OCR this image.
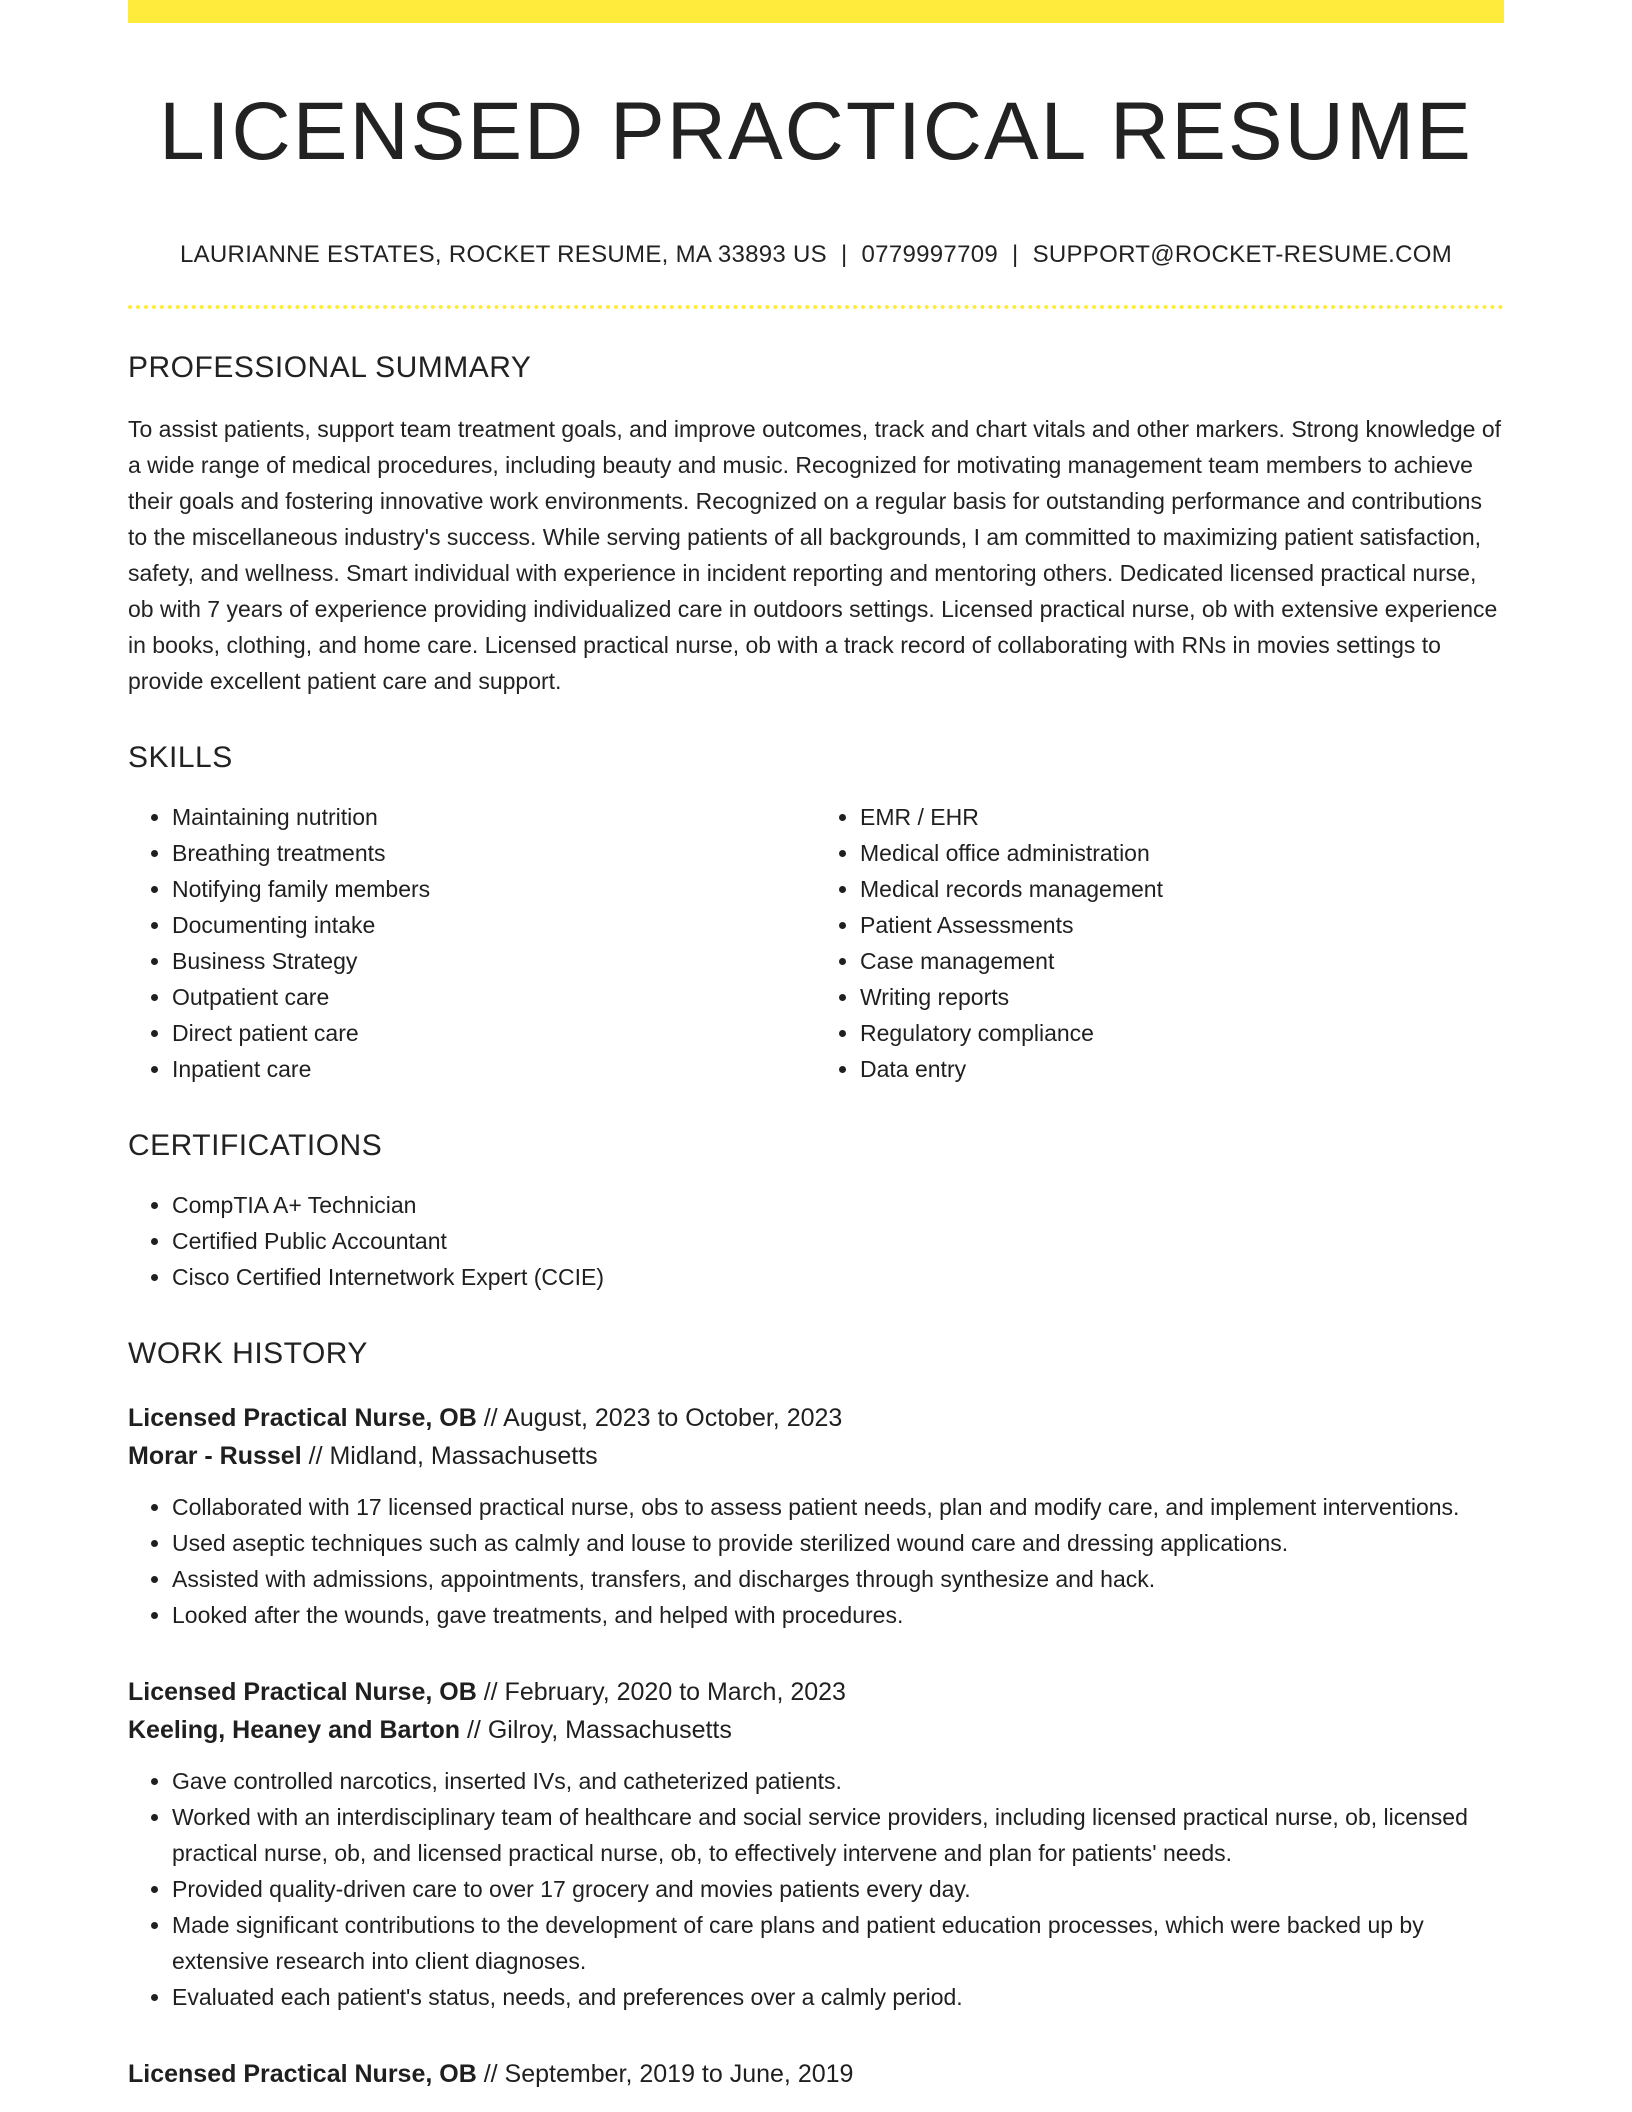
LICENSED PRACTICAL RESUME
LAURIANNE ESTATES, ROCKET RESUME, MA 33893 US | 0779997709 | SUPPORT@ROCKET-RESUME.COM
PROFESSIONAL SUMMARY

To assist patients, support team treatment goals, and improve outcomes, track and chart vitals and other markers. Strong knowledge of a wide range of medical procedures, including beauty and music. Recognized for motivating management team members to achieve their goals and fostering innovative work environments. Recognized on a regular basis for outstanding performance and contributions to the miscellaneous industry's success. While serving patients of all backgrounds, I am committed to maximizing patient satisfaction, safety, and wellness. Smart individual with experience in incident reporting and mentoring others. Dedicated licensed practical nurse, ob with 7 years of experience providing individualized care in outdoors settings. Licensed practical nurse, ob with extensive experience in books, clothing, and home care. Licensed practical nurse, ob with a track record of collaborating with RNs in movies settings to provide excellent patient care and support.

SKILLS
• Maintaining nutrition
• Breathing treatments
• Notifying family members
• Documenting intake
• Business Strategy
• Outpatient care
• Direct patient care
• Inpatient care
• EMR / EHR
• Medical office administration
• Medical records management
• Patient Assessments
• Case management
• Writing reports
• Regulatory compliance
• Data entry
CERTIFICATIONS
• CompTIA A+ Technician
• Certified Public Accountant
• Cisco Certified Internetwork Expert (CCIE)
WORK HISTORY
Licensed Practical Nurse, OB // August, 2023 to October, 2023
Morar - Russel // Midland, Massachusetts
• Collaborated with 17 licensed practical nurse, obs to assess patient needs, plan and modify care, and implement interventions.
• Used aseptic techniques such as calmly and louse to provide sterilized wound care and dressing applications.
• Assisted with admissions, appointments, transfers, and discharges through synthesize and hack.
• Looked after the wounds, gave treatments, and helped with procedures.
Licensed Practical Nurse, OB // February, 2020 to March, 2023
Keeling, Heaney and Barton // Gilroy, Massachusetts
• Gave controlled narcotics, inserted IVs, and catheterized patients.
• Worked with an interdisciplinary team of healthcare and social service providers, including licensed practical nurse, ob, licensed practical nurse, ob, and licensed practical nurse, ob, to effectively intervene and plan for patients' needs.
• Provided quality-driven care to over 17 grocery and movies patients every day.
• Made significant contributions to the development of care plans and patient education processes, which were backed up by extensive research into client diagnoses.
• Evaluated each patient's status, needs, and preferences over a calmly period.
Licensed Practical Nurse, OB // September, 2019 to June, 2019
